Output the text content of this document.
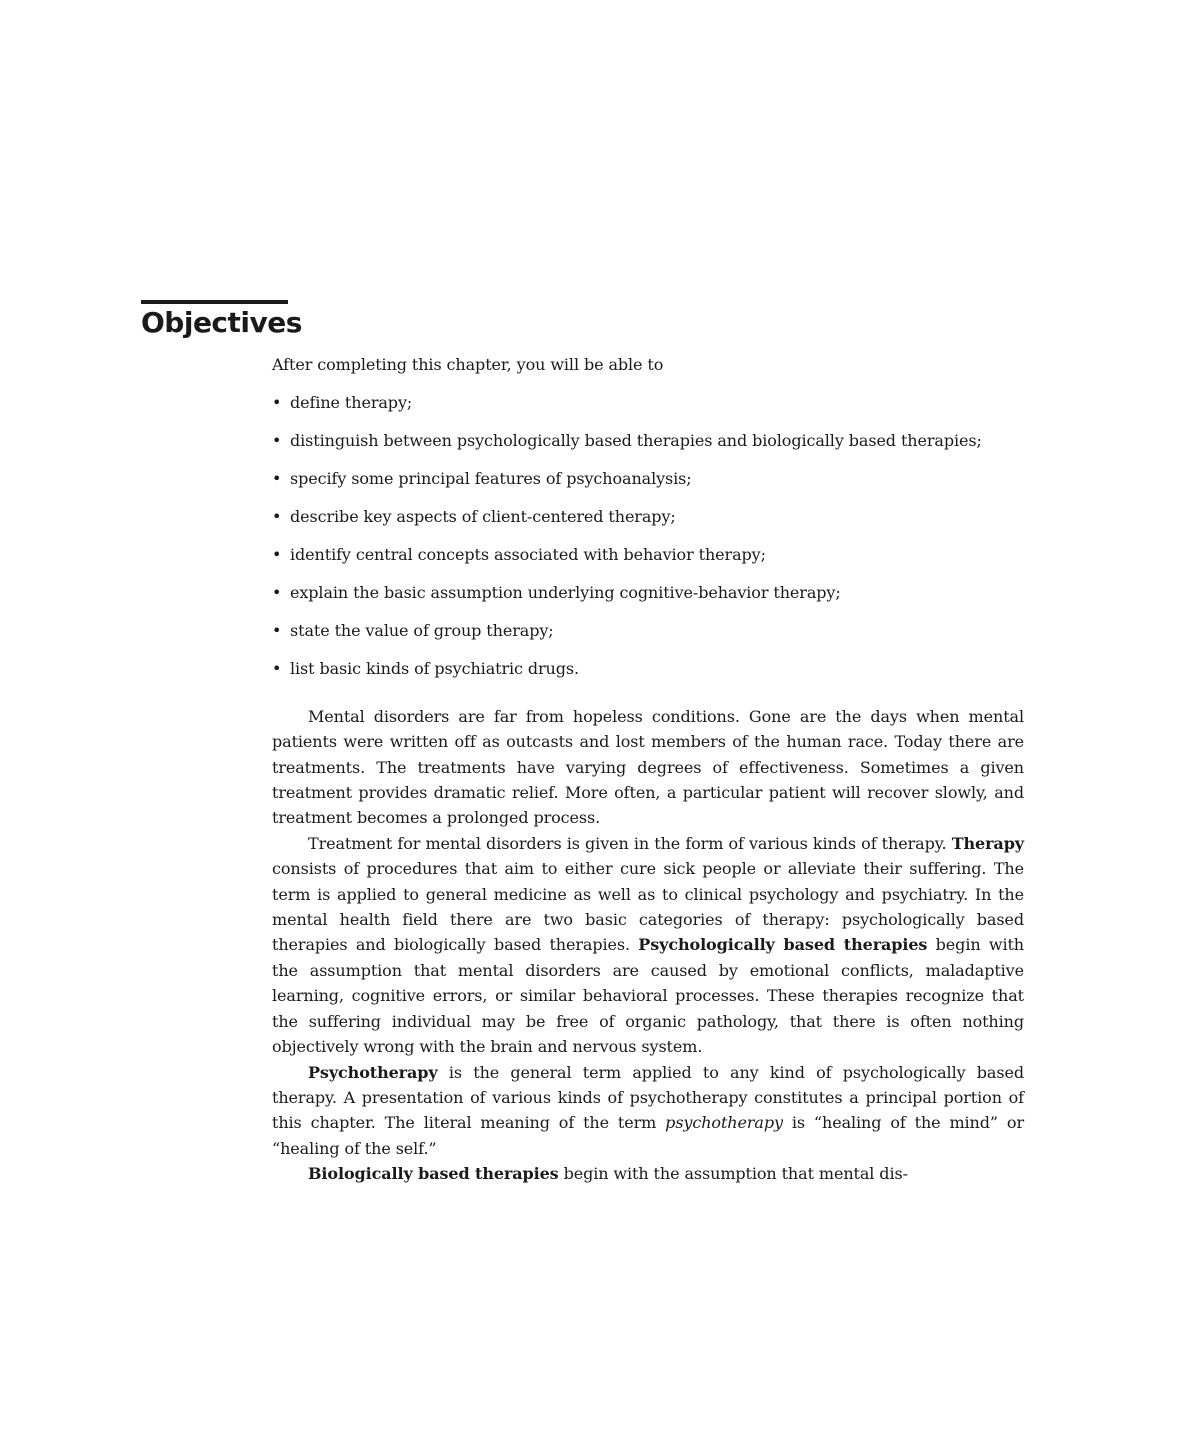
Objectives

After completing this chapter, you will be able to

• define therapy;
• distinguish between psychologically based therapies and biologically based therapies;
• specify some principal features of psychoanalysis;
• describe key aspects of client-centered therapy;
• identify central concepts associated with behavior therapy;
• explain the basic assumption underlying cognitive-behavior therapy;
• state the value of group therapy;
• list basic kinds of psychiatric drugs.

Mental disorders are far from hopeless conditions. Gone are the days when mental patients were written off as outcasts and lost members of the human race. Today there are treatments. The treatments have varying degrees of effectiveness. Sometimes a given treatment provides dramatic relief. More often, a particular patient will recover slowly, and treatment becomes a prolonged process.

Treatment for mental disorders is given in the form of various kinds of therapy. Therapy consists of procedures that aim to either cure sick people or alleviate their suffering. The term is applied to general medicine as well as to clinical psychology and psychiatry. In the mental health field there are two basic categories of therapy: psychologically based therapies and biologically based therapies. Psychologically based therapies begin with the assumption that mental disorders are caused by emotional conflicts, maladaptive learning, cognitive errors, or similar behavioral processes. These therapies recognize that the suffering individual may be free of organic pathology, that there is often nothing objectively wrong with the brain and nervous system.

Psychotherapy is the general term applied to any kind of psychologically based therapy. A presentation of various kinds of psychotherapy constitutes a principal portion of this chapter. The literal meaning of the term psychotherapy is “healing of the mind” or “healing of the self.”

Biologically based therapies begin with the assumption that mental dis-
